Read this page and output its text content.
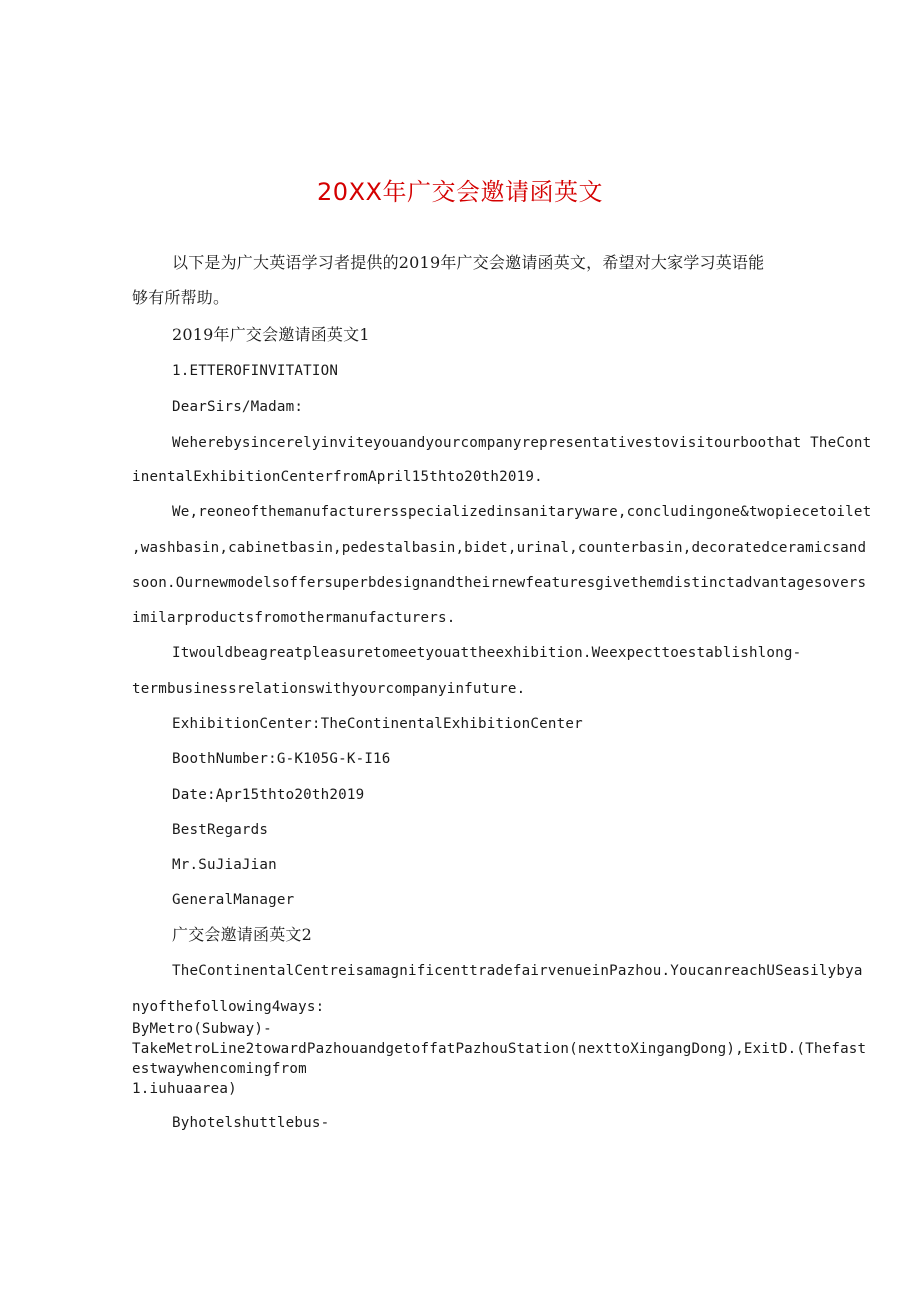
20XX年广交会邀请函英文
以下是为广大英语学习者提供的2019年广交会邀请函英文，希望对大家学习英语能
够有所帮助。
2019年广交会邀请函英文1
1.ETTEROFINVITATION
DearSirs/Madam:
Weherebysincerelyinviteyouandyourcompanyrepresentativestovisitourboothat TheCont
inentalExhibitionCenterfromApril15thto20th2019.
We,reoneofthemanufacturersspecializedinsanitaryware,concludingone&twopiecetoilet
,washbasin,cabinetbasin,pedestalbasin,bidet,urinal,counterbasin,decoratedceramicsand
soon.Ournewmodelsoffersuperbdesignandtheirnewfeaturesgivethemdistinctadvantagesovers
imilarproductsfromothermanufacturers.
Itwouldbeagreatpleasuretomeetyouattheexhibition.Weexpecttoestablishlong-
termbusinessrelationswithyoυrcompanyinfuture.
ExhibitionCenter:TheContinentalExhibitionCenter
BoothNumber:G-K105G-K-I16
Date:Apr15thto20th2019
BestRegards
Mr.SuJiaJian
GeneralManager
广交会邀请函英文2
TheContinentalCentreisamagnificenttradefairvenueinPazhou.YoucanreachUSeasilybya
nyofthefollowing4ways:
ByMetro(Subway)-
TakeMetroLine2towardPazhouandgetoffatPazhouStation(nexttoXingangDong),ExitD.(Thefast
estwaywhencomingfrom
1.iuhuaarea)
Byhotelshuttlebus-
